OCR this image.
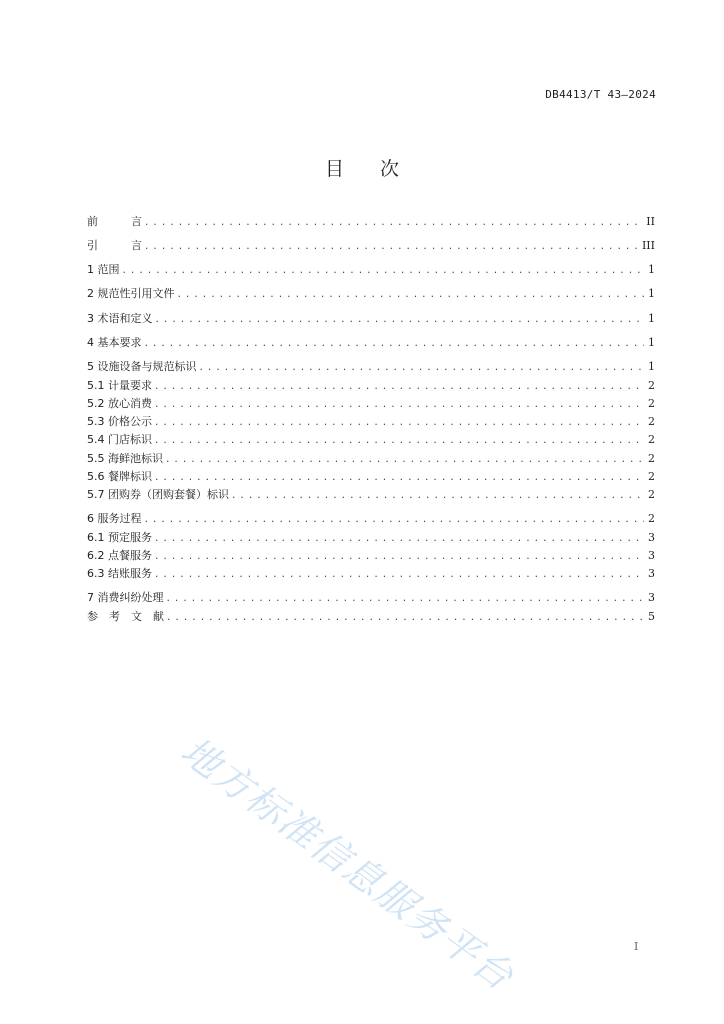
DB4413/T 43—2024
目 次
前　　　言 . . .	II
引　　　言 . . .	III
1 范围 . . .	1
2 规范性引用文件 . . .	1
3 术语和定义 . . .	1
4 基本要求 . . .	1
5 设施设备与规范标识 . . .	1
5.1 计量要求 . . .	2
5.2 放心消费 . . .	2
5.3 价格公示 . . .	2
5.4 门店标识 . . .	2
5.5 海鲜池标识 . . .	2
5.6 餐牌标识 . . .	2
5.7 团购券（团购套餐）标识 . . .	2
6 服务过程 . . .	2
6.1 预定服务 . . .	3
6.2 点餐服务 . . .	3
6.3 结账服务 . . .	3
7 消费纠纷处理 . . .	3
参　考　文　献 . . .	5
地方标准信息服务平台	I
